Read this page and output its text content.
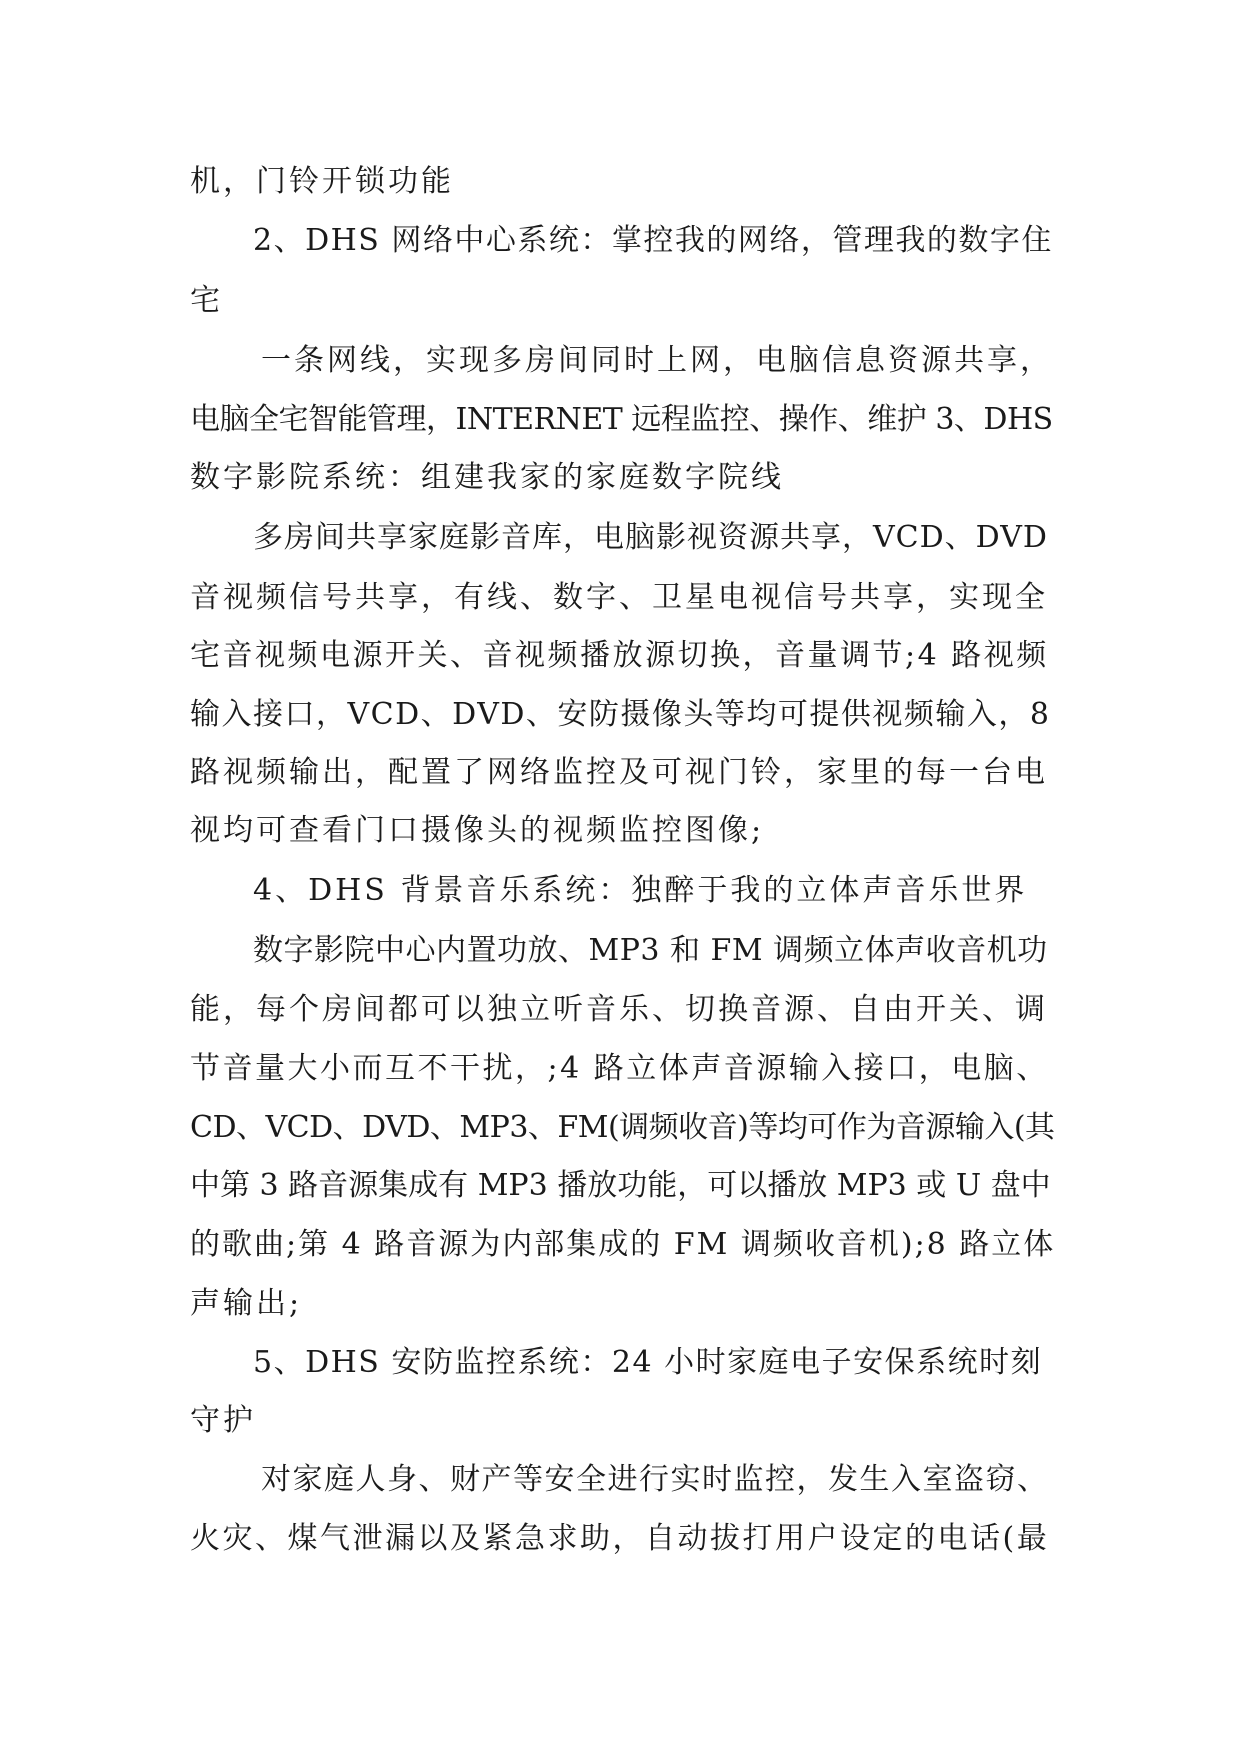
机，门铃开锁功能
2、DHS 网络中心系统：掌控我的网络，管理我的数字住
宅
一条网线，实现多房间同时上网，电脑信息资源共享，
电脑全宅智能管理，INTERNET 远程监控、操作、维护 3、DHS
数字影院系统：组建我家的家庭数字院线
多房间共享家庭影音库，电脑影视资源共享，VCD、DVD
音视频信号共享，有线、数字、卫星电视信号共享，实现全
宅音视频电源开关、音视频播放源切换，音量调节;4 路视频
输入接口，VCD、DVD、安防摄像头等均可提供视频输入，8
路视频输出，配置了网络监控及可视门铃，家里的每一台电
视均可查看门口摄像头的视频监控图像;
4、DHS 背景音乐系统：独醉于我的立体声音乐世界
数字影院中心内置功放、MP3 和 FM 调频立体声收音机功
能，每个房间都可以独立听音乐、切换音源、自由开关、调
节音量大小而互不干扰，;4 路立体声音源输入接口，电脑、
CD、VCD、DVD、MP3、FM(调频收音)等均可作为音源输入(其
中第 3 路音源集成有 MP3 播放功能，可以播放 MP3 或 U 盘中
的歌曲;第 4 路音源为内部集成的 FM 调频收音机);8 路立体
声输出;
5、DHS 安防监控系统：24 小时家庭电子安保系统时刻
守护
对家庭人身、财产等安全进行实时监控，发生入室盗窃、
火灾、煤气泄漏以及紧急求助，自动拔打用户设定的电话(最
